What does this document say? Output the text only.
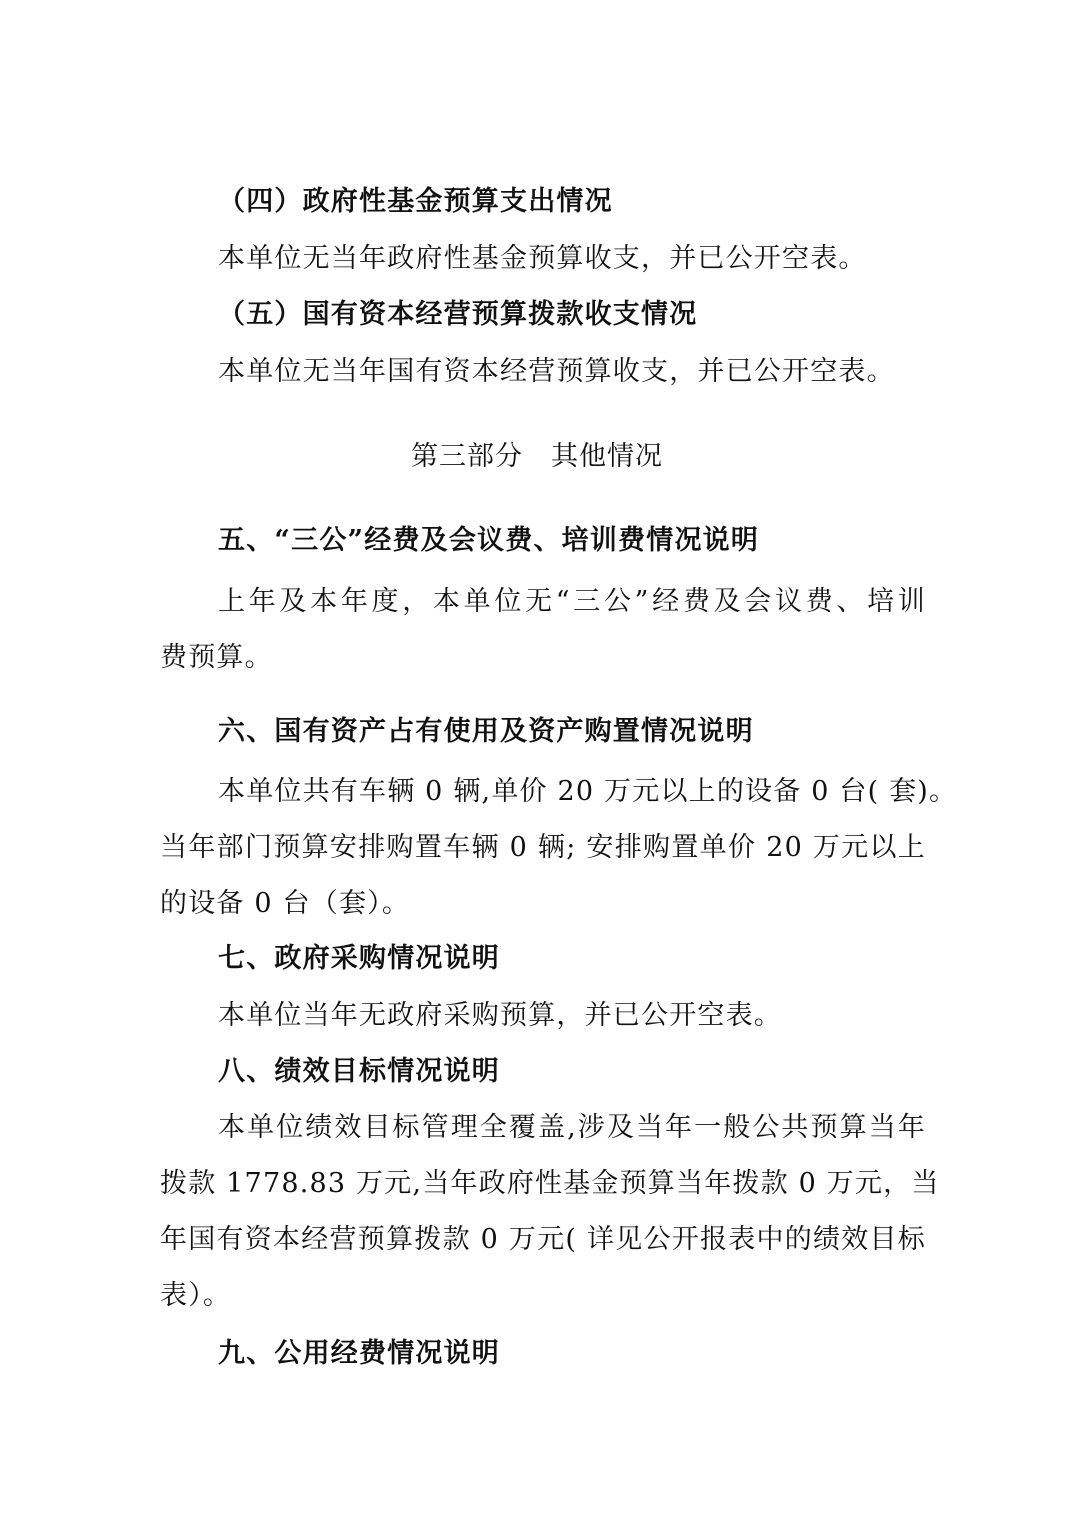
（四）政府性基金预算支出情况
本单位无当年政府性基金预算收支，并已公开空表。
（五）国有资本经营预算拨款收支情况
本单位无当年国有资本经营预算收支，并已公开空表。
第三部分　其他情况
五、“三公”经费及会议费、培训费情况说明
上年及本年度，本单位无“三公”经费及会议费、培训
费预算。
六、国有资产占有使用及资产购置情况说明
本单位共有车辆 0 辆,单价 20 万元以上的设备 0 台( 套)。
当年部门预算安排购置车辆 0 辆; 安排购置单价 20 万元以上
的设备 0 台（套）。
七、政府采购情况说明
本单位当年无政府采购预算，并已公开空表。
八、绩效目标情况说明
本单位绩效目标管理全覆盖,涉及当年一般公共预算当年
拨款 1778.83 万元,当年政府性基金预算当年拨款 0 万元，当
年国有资本经营预算拨款 0 万元( 详见公开报表中的绩效目标
表）。
九、公用经费情况说明
